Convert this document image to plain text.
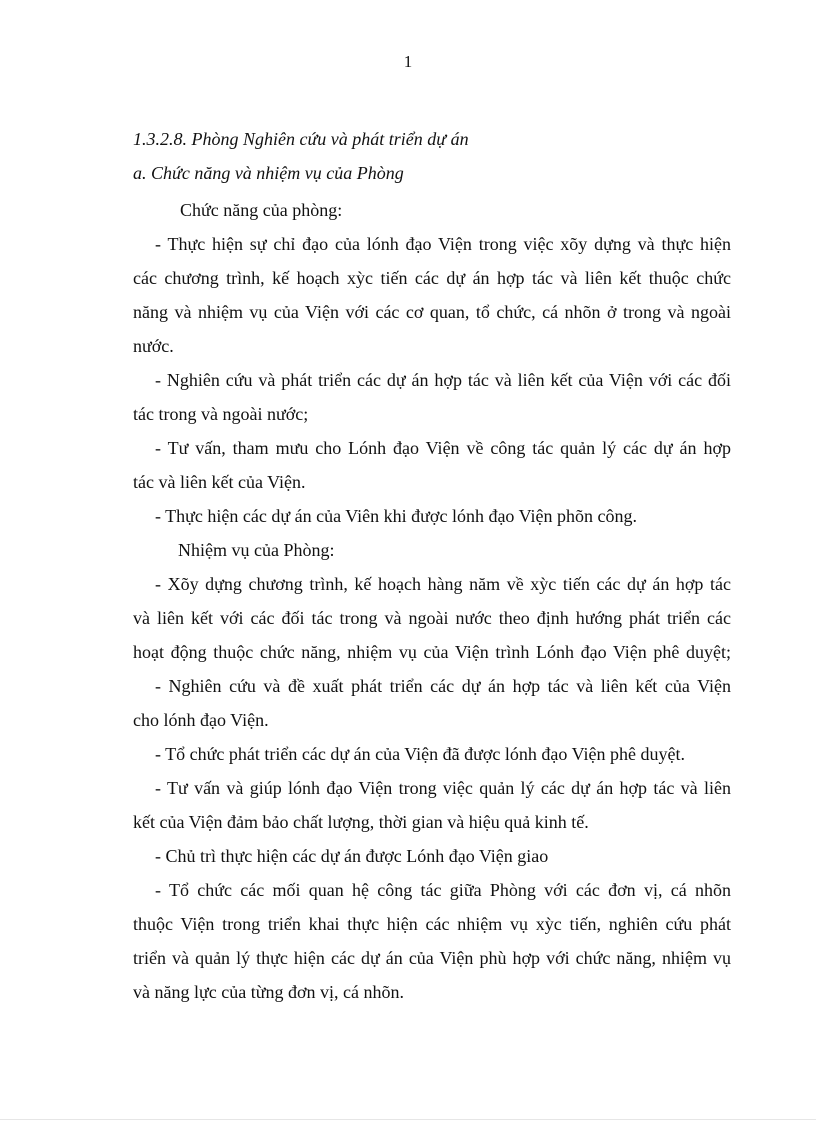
1
1.3.2.8. Phòng Nghiên cứu và phát triển dự án
a. Chức năng và nhiệm vụ của Phòng
Chức năng của phòng:
- Thực hiện sự chỉ đạo của lónh đạo Viện trong việc xõy dựng và thực hiện
các chương trình, kế hoạch xỳc tiến các dự án hợp tác và liên kết thuộc chức
năng và nhiệm vụ của Viện với các cơ quan, tổ chức, cá nhõn ở trong và ngoài
nước.
- Nghiên cứu và phát triển các dự án hợp tác và liên kết của Viện với các đối
tác trong và ngoài nước;
- Tư vấn, tham mưu cho Lónh đạo Viện về công tác quản lý các dự án hợp
tác và liên kết của Viện.
- Thực hiện các dự án của Viên khi được lónh đạo Viện phõn công.
Nhiệm vụ của Phòng:
- Xõy dựng chương trình, kế hoạch hàng năm về xỳc tiến các dự án hợp tác
và liên kết với các đối tác trong và ngoài nước theo định hướng phát triển các
hoạt động thuộc chức năng, nhiệm vụ của Viện trình Lónh đạo Viện phê duyệt;
- Nghiên cứu và đề xuất phát triển các dự án hợp tác và liên kết của Viện
cho lónh đạo Viện.
- Tổ chức phát triển các dự án của Viện đã được lónh đạo Viện phê duyệt.
- Tư vấn và giúp lónh đạo Viện trong việc quản lý các dự án hợp tác và liên
kết của Viện đảm bảo chất lượng, thời gian và hiệu quả kinh tế.
- Chủ trì thực hiện các dự án được Lónh đạo Viện giao
- Tổ chức các mối quan hệ công tác giữa Phòng với các đơn vị, cá nhõn
thuộc Viện trong triển khai thực hiện các nhiệm vụ xỳc tiến, nghiên cứu phát
triển và quản lý thực hiện các dự án của Viện phù hợp với chức năng, nhiệm vụ
và năng lực của từng đơn vị, cá nhõn.
